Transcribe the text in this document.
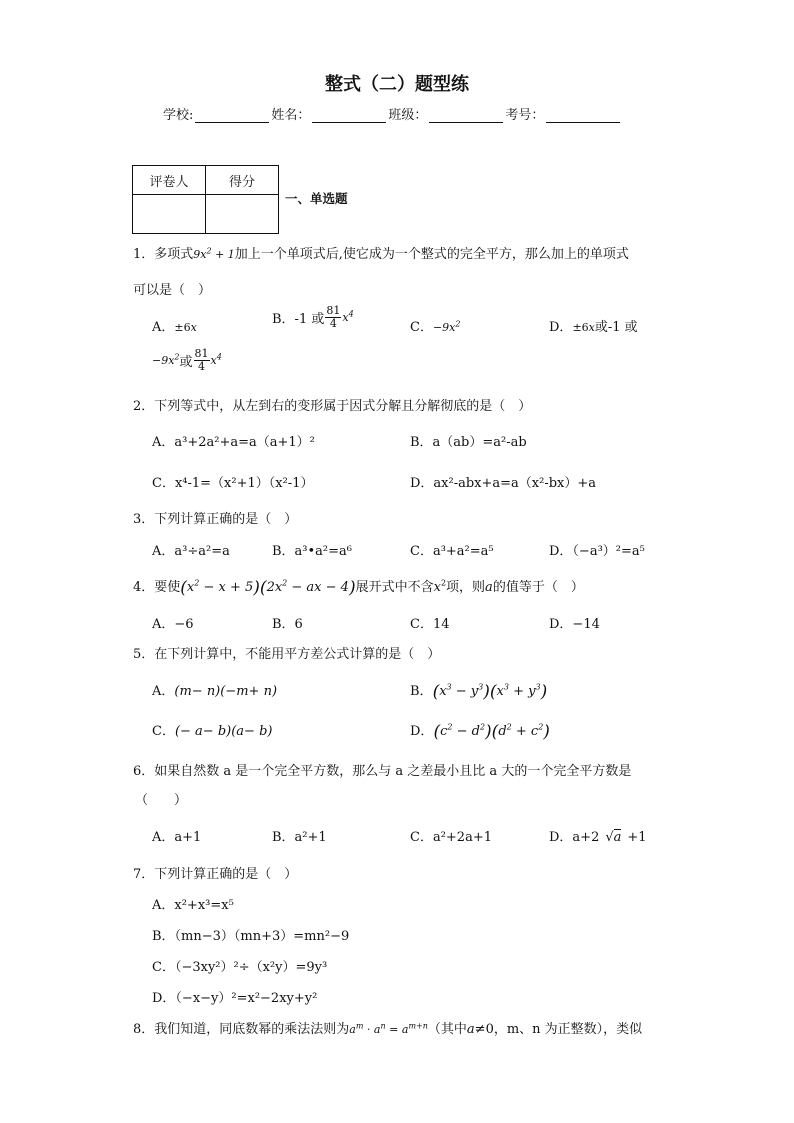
整式（二）题型练
学校:	姓名：	班级：	考号：
评卷人	得分

一、单选题
1．多项式$9x^2 + 1$加上一个单项式后,使它成为一个整式的完全平方，那么加上的单项式
可以是（　）
A．±6x
B．-1 或 $\frac{81}{4} x^4$
C．$-9x^2$	D．±6x或-1 或
$-9x^2$或 $\frac{81}{4} x^4$
2．下列等式中，从左到右的变形属于因式分解且分解彻底的是（　）
A．a³+2a²+a=a（a+1）²	B．a（ab）=a²-ab
C．x⁴-1=（x²+1）（x²-1）	D．ax²-abx+a=a（x²-bx）+a
3．下列计算正确的是（　）
A．a³÷a²=a	B．a³•a²=a⁶	C．a³+a²=a⁵	D．（−a³）²=a⁵
4．要使$(x^2 - x + 5)(2x^2$ − ax − 4)展开式中不含$x^2$项，则a的值等于（　）
A．−6	B．6	C．14	D．−14
5．在下列计算中，不能用平方差公式计算的是（　）
A．(m− n)(−m+ n)	B．$(x^3 - y^3)(x^3 + y^3)$
C．(− a− b)(a− b)	D．$(c^2 - d^2)(d^2 + c^2)$
6．如果自然数 a 是一个完全平方数，那么与 a 之差最小且比 a 大的一个完全平方数是
（　　）
A．a+1	B．a²+1	C．a²+2a+1	D．a+2 √a +1
7．下列计算正确的是（　）
A．x²+x³=x⁵
B．（mn−3）（mn+3）=mn²−9
C．（−3xy²）²÷（x²y）=9y³
D．（−x−y）²=x²−2xy+y²
8．我们知道，同底数幂的乘法法则为$a^m \cdot a^n = a^{m+n}$（其中a≠0，m、n 为正整数），类似
